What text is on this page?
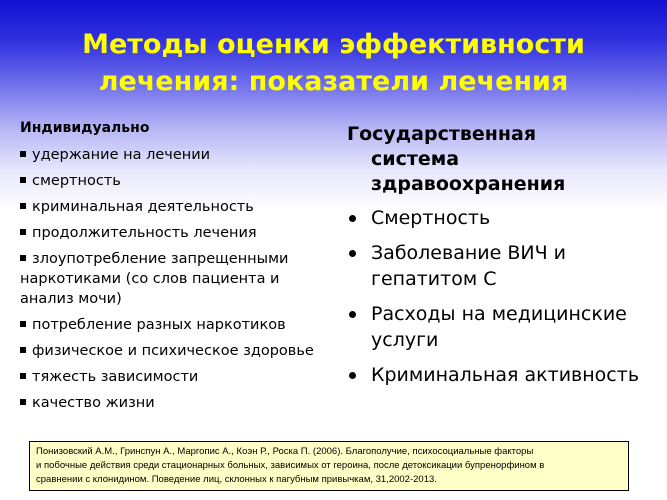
Методы оценки эффективности
лечения: показатели лечения
Индивидуально
удержание на лечении
смертность
криминальная деятельность
продолжительность лечения
злоупотребление запрещенными наркотиками (со слов пациента и анализ мочи)
потребление разных наркотиков
физическое и психическое здоровье
тяжесть зависимости
качество жизни
Государственная
система
здравоохранения
Смертность
Заболевание ВИЧ и гепатитом С
Расходы на медицинские услуги
Криминальная активность
Понизовский А.М., Гринспун А., Маргопис А., Коэн Р., Роска П. (2006). Благополучие, психосоциальные факторы
и побочные действия среди стационарных больных, зависимых от героина, после детоксикации бупренорфином в
сравнении с клонидином. Поведение лиц, склонных к пагубным привычкам, 31,2002-2013.
